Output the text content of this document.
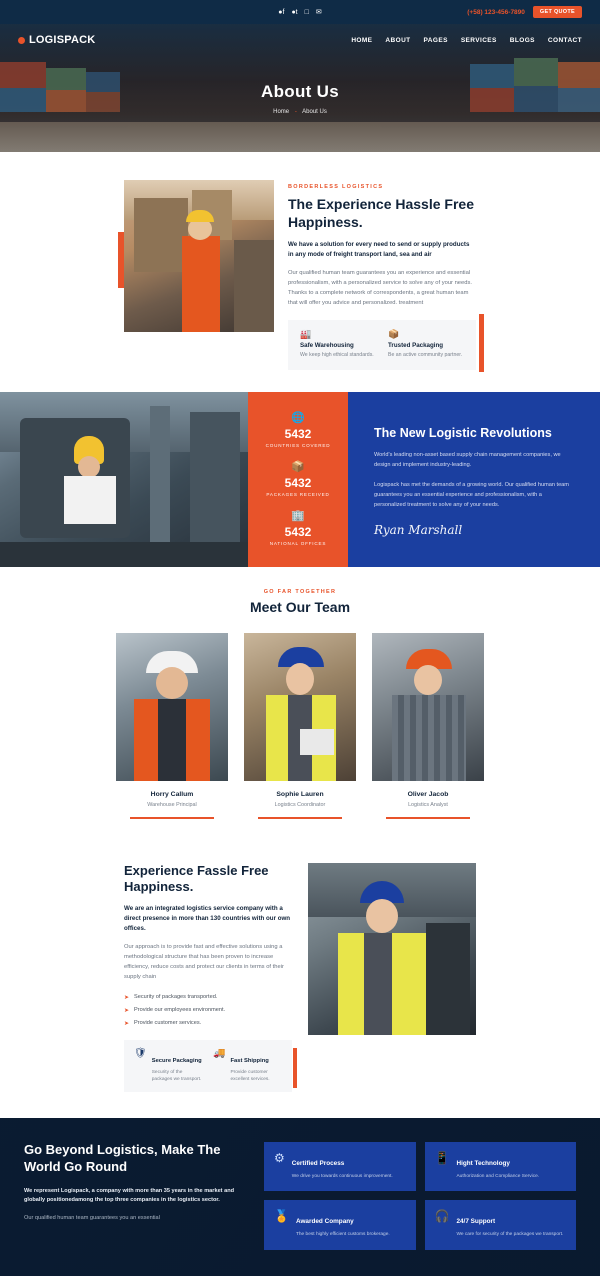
●f ●t □ ✉	(+58) 123-456-7890	GET QUOTE
LOGISPACK	HOME ABOUT PAGES SERVICES BLOGS CONTACT
About Us
Home - About Us
BORDERLESS LOGISTICS
The Experience Hassle Free Happiness.
We have a solution for every need to send or supply products in any mode of freight transport land, sea and air
Our qualified human team guarantees you an experience and essential professionalism, with a personalized service to solve any of your needs. Thanks to a complete network of correspondents, a great human team that will offer you advice and personalized. treatment
🏭
Safe Warehousing
We keep high ethical standards.
📦
Trusted Packaging
Be an active community partner.
🌐
5432
COUNTRIES COVERED
📦
5432
PACKAGES RECEIVED
🏢
5432
NATIONAL OFFICES
The New Logistic Revolutions

World's leading non-asset based supply chain management companies, we design and implement industry-leading.

Logispack has met the demands of a growing world. Our qualified human team guarantees you an essential experience and professionalism, with a personalized treatment to solve any of your needs.

Ryan Marshall
GO FAR TOGETHER
Meet Our Team
Horry Callum
Warehouse Principal
Sophie Lauren
Logistics Coordinator
Oliver Jacob
Logistics Analyst
Experience Fassle Free Happiness.
We are an integrated logistics service company with a direct presence in more than 130 countries with our own offices.
Our approach is to provide fast and effective solutions using a methodological structure that has been proven to increase efficiency, reduce costs and protect our clients in terms of their supply chain
➤ Security of packages transported.
➤ Provide our employees environment.
➤ Provide customer services.
🛡
Secure Packaging
Security of the packages we transport.
🚚
Fast Shipping
Provide customer excellent services.
Go Beyond Logistics, Make The World Go Round
We represent Logispack, a company with more than 35 years in the market and globally positionedamong the top three companies in the logistics sector.
Our qualified human team guarantees you an essential
⚙ Certified Process
We drive you towards continuous improvement.
📱 Hight Technology
Authorization and Compliance Service.
🏅 Awarded Company
The best highly efficient customs brokerage.
🎧 24/7 Support
We care for security of the packages we transport.
